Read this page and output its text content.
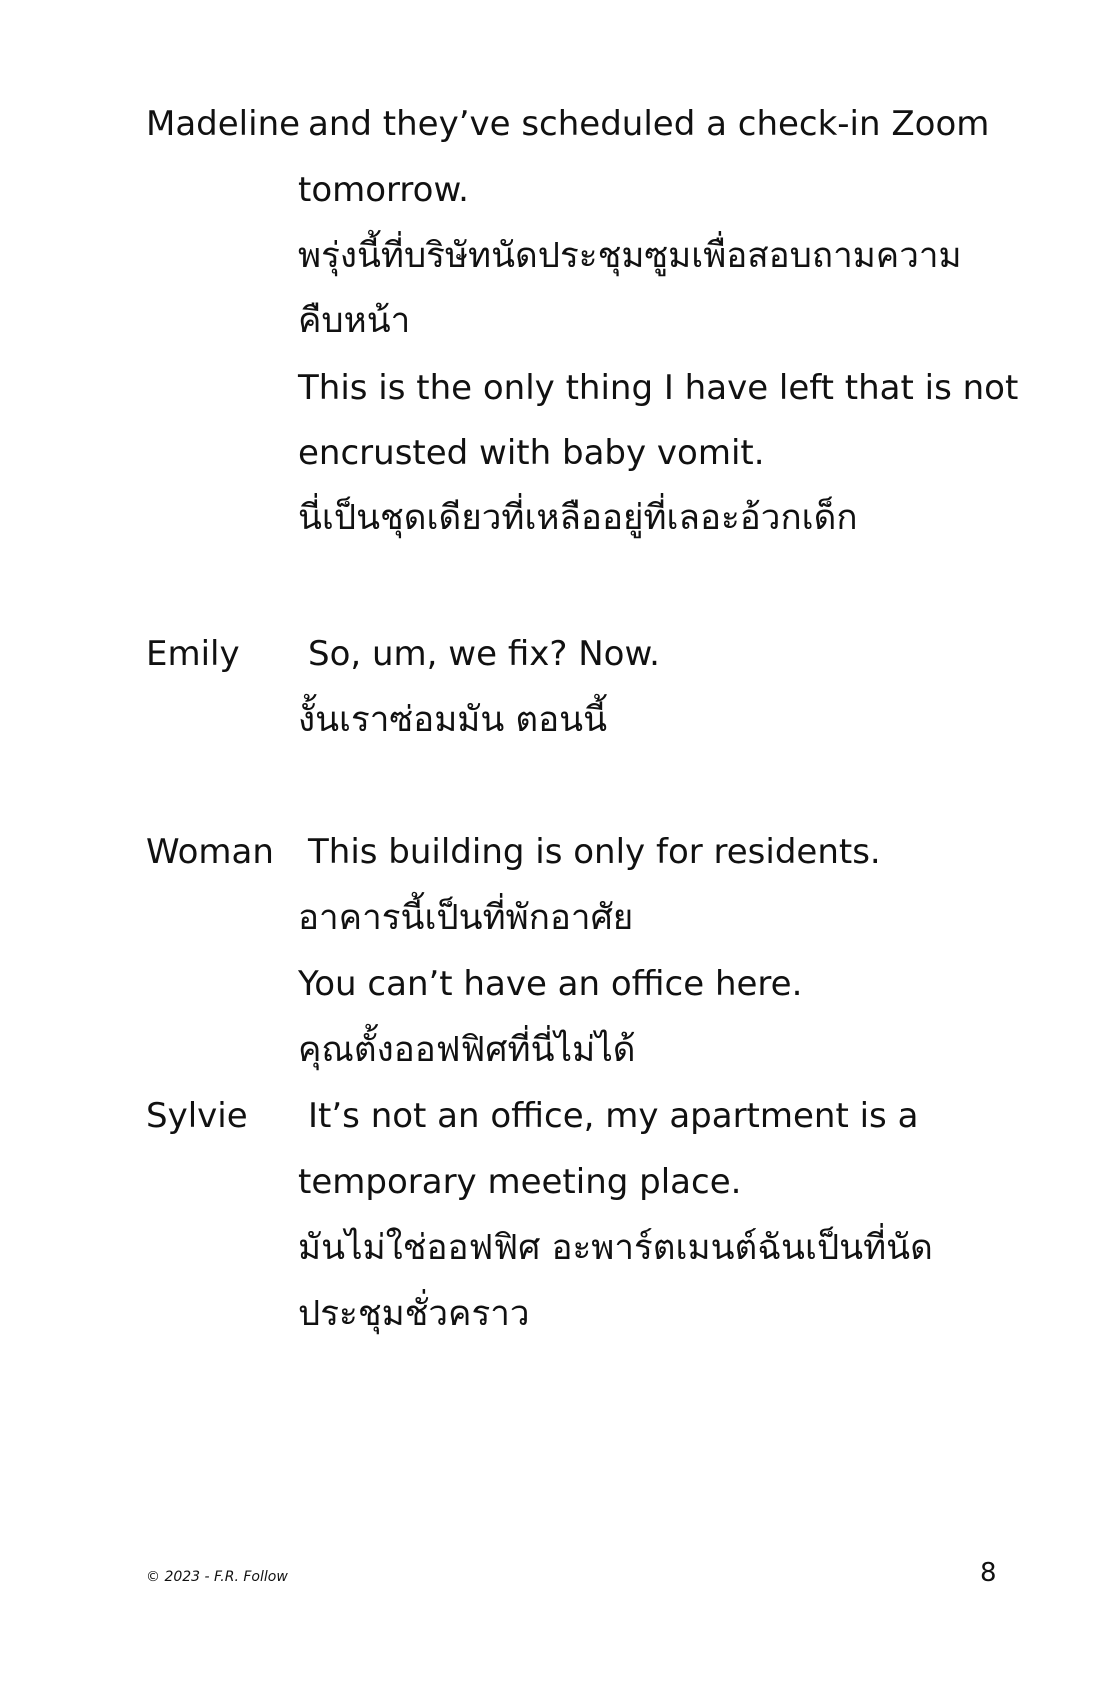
Madeline and they’ve scheduled a check-in Zoom
tomorrow.
พรุ่งนี้ที่บริษัทนัดประชุมซูมเพื่อสอบถามความ
คืบหน้า
This is the only thing I have left that is not
encrusted with baby vomit.
นี่เป็นชุดเดียวที่เหลืออยู่ที่เลอะอ้วกเด็ก
Emily So, um, we fix? Now.
งั้นเราซ่อมมัน ตอนนี้
Woman This building is only for residents.
อาคารนี้เป็นที่พักอาศัย
You can’t have an office here.
คุณตั้งออฟฟิศที่นี่ไม่ได้
Sylvie It’s not an office, my apartment is a
temporary meeting place.
มันไม่ใช่ออฟฟิศ อะพาร์ตเมนต์ฉันเป็นที่นัด
ประชุมชั่วคราว
© 2023 - F.R. Follow	8
